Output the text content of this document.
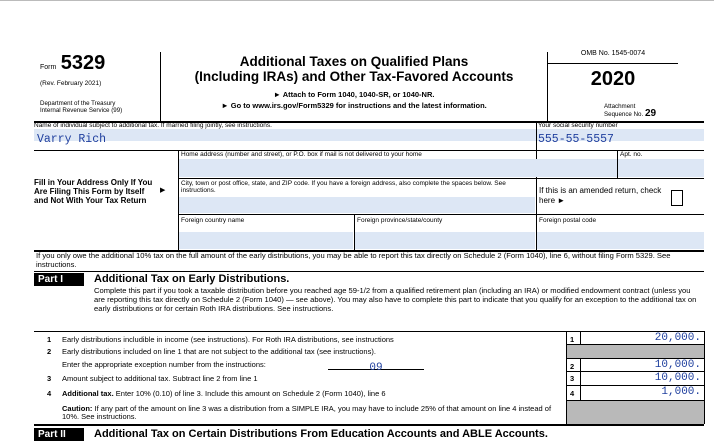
Form 5329
(Rev. February 2021)
Department of the Treasury
Internal Revenue Service (99)
Additional Taxes on Qualified Plans
(Including IRAs) and Other Tax-Favored Accounts
► Attach to Form 1040, 1040-SR, or 1040-NR.
► Go to www.irs.gov/Form5329 for instructions and the latest information.
OMB No. 1545-0074
2020
Attachment
Sequence No. 29
Name of individual subject to additional tax. If married filing jointly, see instructions.	Your social security number
Varry Rich	555-55-5557
Fill in Your Address Only If You Are Filing This Form by Itself and Not With Your Tax Return
▶
Home address (number and street), or P.O. box if mail is not delivered to your home	Apt. no.
City, town or post office, state, and ZIP code. If you have a foreign address, also complete the spaces below. See instructions.	If this is an amended return, check here ►
Foreign country name	Foreign province/state/county	Foreign postal code
If you only owe the additional 10% tax on the full amount of the early distributions, you may be able to report this tax directly on Schedule 2 (Form 1040), line 6, without filing Form 5329. See instructions.
Part I	Additional Tax on Early Distributions.
Complete this part if you took a taxable distribution before you reached age 59-1/2 from a qualified retirement plan (including an IRA) or modified endowment contract (unless you are reporting this tax directly on Schedule 2 (Form 1040) — see above). You may also have to complete this part to indicate that you qualify for an exception to the additional tax on early distributions or for certain Roth IRA distributions. See instructions.
1 Early distributions includible in income (see instructions). For Roth IRA distributions, see instructions	1	20,000.
2 Early distributions included on line 1 that are not subject to the additional tax (see instructions).
Enter the appropriate exception number from the instructions:	09	2	10,000.
3 Amount subject to additional tax. Subtract line 2 from line 1	3	10,000.
4 Additional tax. Enter 10% (0.10) of line 3. Include this amount on Schedule 2 (Form 1040), line 6	4	1,000.
Caution: If any part of the amount on line 3 was a distribution from a SIMPLE IRA, you may have to include 25% of that amount on line 4 instead of 10%. See instructions.
Part II	Additional Tax on Certain Distributions From Education Accounts and ABLE Accounts.
